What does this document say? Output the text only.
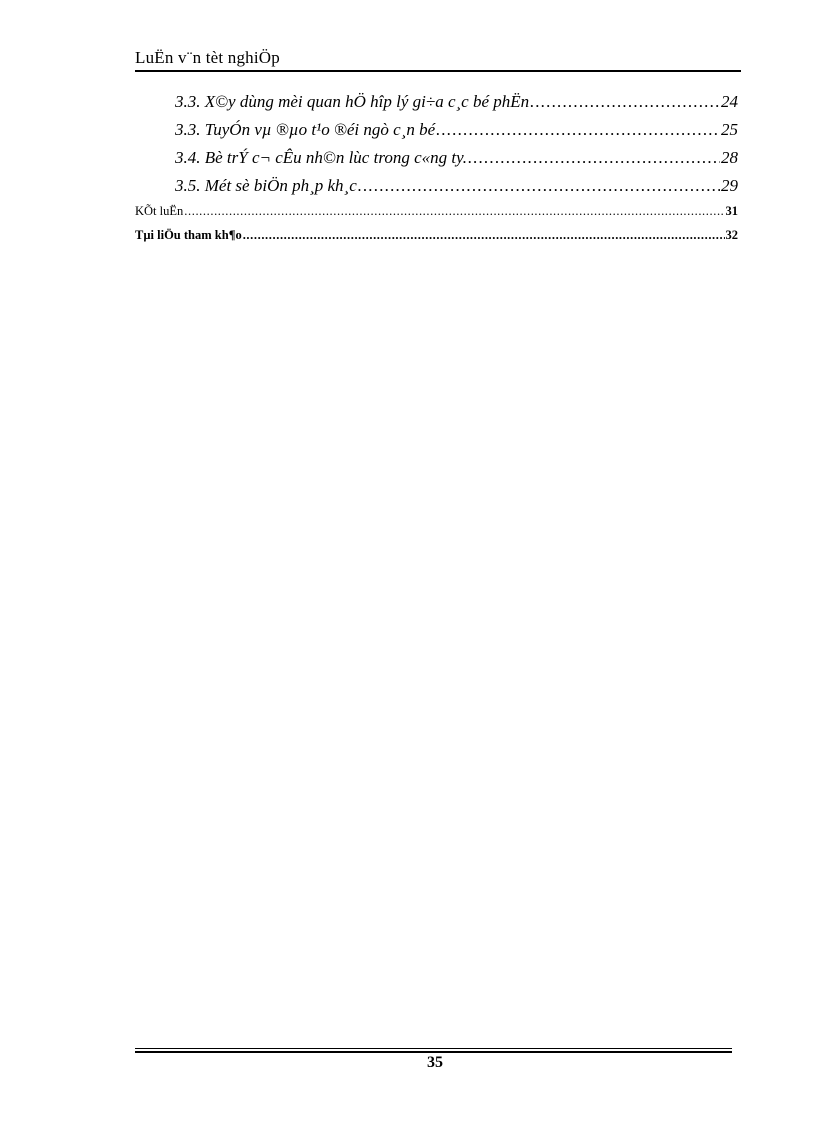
LuËn v¨n tèt nghiÖp
3.3. X©y dùng mèi quan hÖ hîp lý gi÷a c¸c bé phËn .....	24
3.3. TuyÓn vµ ®µo t¹o ®éi ngò c¸n bé .....	25
3.4. Bè trÝ c¬ cÊu nh©n lùc trong c«ng ty. .....	28
3.5. Mét sè biÖn ph¸p kh¸c .....	29
KÕt luËn .....	31
Tµi liÖu tham kh¶o .....	32
35
